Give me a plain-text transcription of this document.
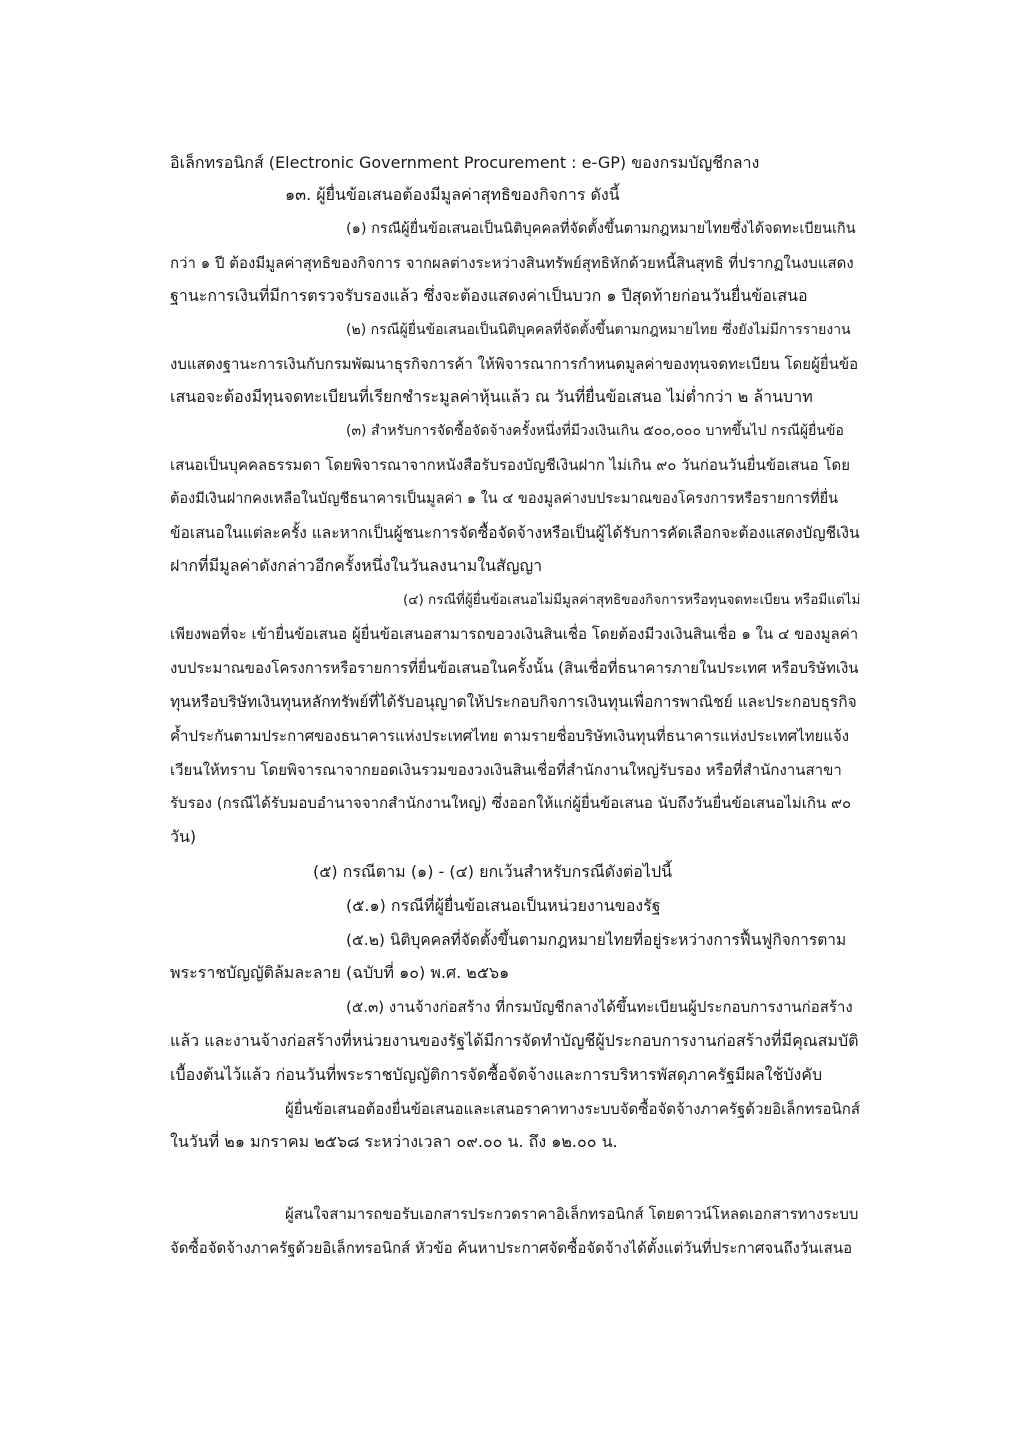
อิเล็กทรอนิกส์ (Electronic Government Procurement : e-GP) ของกรมบัญชีกลาง

๑๓. ผู้ยื่นข้อเสนอต้องมีมูลค่าสุทธิของกิจการ ดังนี้

(๑) กรณีผู้ยื่นข้อเสนอเป็นนิติบุคคลที่จัดตั้งขึ้นตามกฎหมายไทยซึ่งได้จดทะเบียนเกิน

กว่า ๑ ปี ต้องมีมูลค่าสุทธิของกิจการ จากผลต่างระหว่างสินทรัพย์สุทธิหักด้วยหนี้สินสุทธิ ที่ปรากฏในงบแสดง

ฐานะการเงินที่มีการตรวจรับรองแล้ว ซึ่งจะต้องแสดงค่าเป็นบวก ๑ ปีสุดท้ายก่อนวันยื่นข้อเสนอ

(๒) กรณีผู้ยื่นข้อเสนอเป็นนิติบุคคลที่จัดตั้งขึ้นตามกฎหมายไทย ซึ่งยังไม่มีการรายงาน

งบแสดงฐานะการเงินกับกรมพัฒนาธุรกิจการค้า ให้พิจารณาการกำหนดมูลค่าของทุนจดทะเบียน โดยผู้ยื่นข้อ

เสนอจะต้องมีทุนจดทะเบียนที่เรียกชำระมูลค่าหุ้นแล้ว ณ วันที่ยื่นข้อเสนอ ไม่ต่ำกว่า ๒ ล้านบาท

(๓) สำหรับการจัดซื้อจัดจ้างครั้งหนึ่งที่มีวงเงินเกิน ๕๐๐,๐๐๐ บาทขึ้นไป กรณีผู้ยื่นข้อ

เสนอเป็นบุคคลธรรมดา โดยพิจารณาจากหนังสือรับรองบัญชีเงินฝาก ไม่เกิน ๙๐ วันก่อนวันยื่นข้อเสนอ โดย

ต้องมีเงินฝากคงเหลือในบัญชีธนาคารเป็นมูลค่า ๑ ใน ๔ ของมูลค่างบประมาณของโครงการหรือรายการที่ยื่น

ข้อเสนอในแต่ละครั้ง และหากเป็นผู้ชนะการจัดซื้อจัดจ้างหรือเป็นผู้ได้รับการคัดเลือกจะต้องแสดงบัญชีเงิน

ฝากที่มีมูลค่าดังกล่าวอีกครั้งหนึ่งในวันลงนามในสัญญา

(๔) กรณีที่ผู้ยื่นข้อเสนอไม่มีมูลค่าสุทธิของกิจการหรือทุนจดทะเบียน หรือมีแต่ไม่

เพียงพอที่จะ เข้ายื่นข้อเสนอ ผู้ยื่นข้อเสนอสามารถขอวงเงินสินเชื่อ โดยต้องมีวงเงินสินเชื่อ ๑ ใน ๔ ของมูลค่า

งบประมาณของโครงการหรือรายการที่ยื่นข้อเสนอในครั้งนั้น (สินเชื่อที่ธนาคารภายในประเทศ หรือบริษัทเงิน

ทุนหรือบริษัทเงินทุนหลักทรัพย์ที่ได้รับอนุญาตให้ประกอบกิจการเงินทุนเพื่อการพาณิชย์ และประกอบธุรกิจ

ค้ำประกันตามประกาศของธนาคารแห่งประเทศไทย ตามรายชื่อบริษัทเงินทุนที่ธนาคารแห่งประเทศไทยแจ้ง

เวียนให้ทราบ โดยพิจารณาจากยอดเงินรวมของวงเงินสินเชื่อที่สำนักงานใหญ่รับรอง หรือที่สำนักงานสาขา

รับรอง (กรณีได้รับมอบอำนาจจากสำนักงานใหญ่) ซึ่งออกให้แก่ผู้ยื่นข้อเสนอ นับถึงวันยื่นข้อเสนอไม่เกิน ๙๐

วัน)

(๕) กรณีตาม (๑) - (๔) ยกเว้นสำหรับกรณีดังต่อไปนี้

(๕.๑) กรณีที่ผู้ยื่นข้อเสนอเป็นหน่วยงานของรัฐ

(๕.๒) นิติบุคคลที่จัดตั้งขึ้นตามกฎหมายไทยที่อยู่ระหว่างการฟื้นฟูกิจการตาม

พระราชบัญญัติล้มละลาย (ฉบับที่ ๑๐) พ.ศ. ๒๕๖๑

(๕.๓) งานจ้างก่อสร้าง ที่กรมบัญชีกลางได้ขึ้นทะเบียนผู้ประกอบการงานก่อสร้าง

แล้ว และงานจ้างก่อสร้างที่หน่วยงานของรัฐได้มีการจัดทำบัญชีผู้ประกอบการงานก่อสร้างที่มีคุณสมบัติ

เบื้องต้นไว้แล้ว ก่อนวันที่พระราชบัญญัติการจัดซื้อจัดจ้างและการบริหารพัสดุภาครัฐมีผลใช้บังคับ

ผู้ยื่นข้อเสนอต้องยื่นข้อเสนอและเสนอราคาทางระบบจัดซื้อจัดจ้างภาครัฐด้วยอิเล็กทรอนิกส์

ในวันที่ ๒๑ มกราคม ๒๕๖๘ ระหว่างเวลา ๐๙.๐๐ น. ถึง ๑๒.๐๐ น.

ผู้สนใจสามารถขอรับเอกสารประกวดราคาอิเล็กทรอนิกส์ โดยดาวน์โหลดเอกสารทางระบบ

จัดซื้อจัดจ้างภาครัฐด้วยอิเล็กทรอนิกส์ หัวข้อ ค้นหาประกาศจัดซื้อจัดจ้างได้ตั้งแต่วันที่ประกาศจนถึงวันเสนอ
